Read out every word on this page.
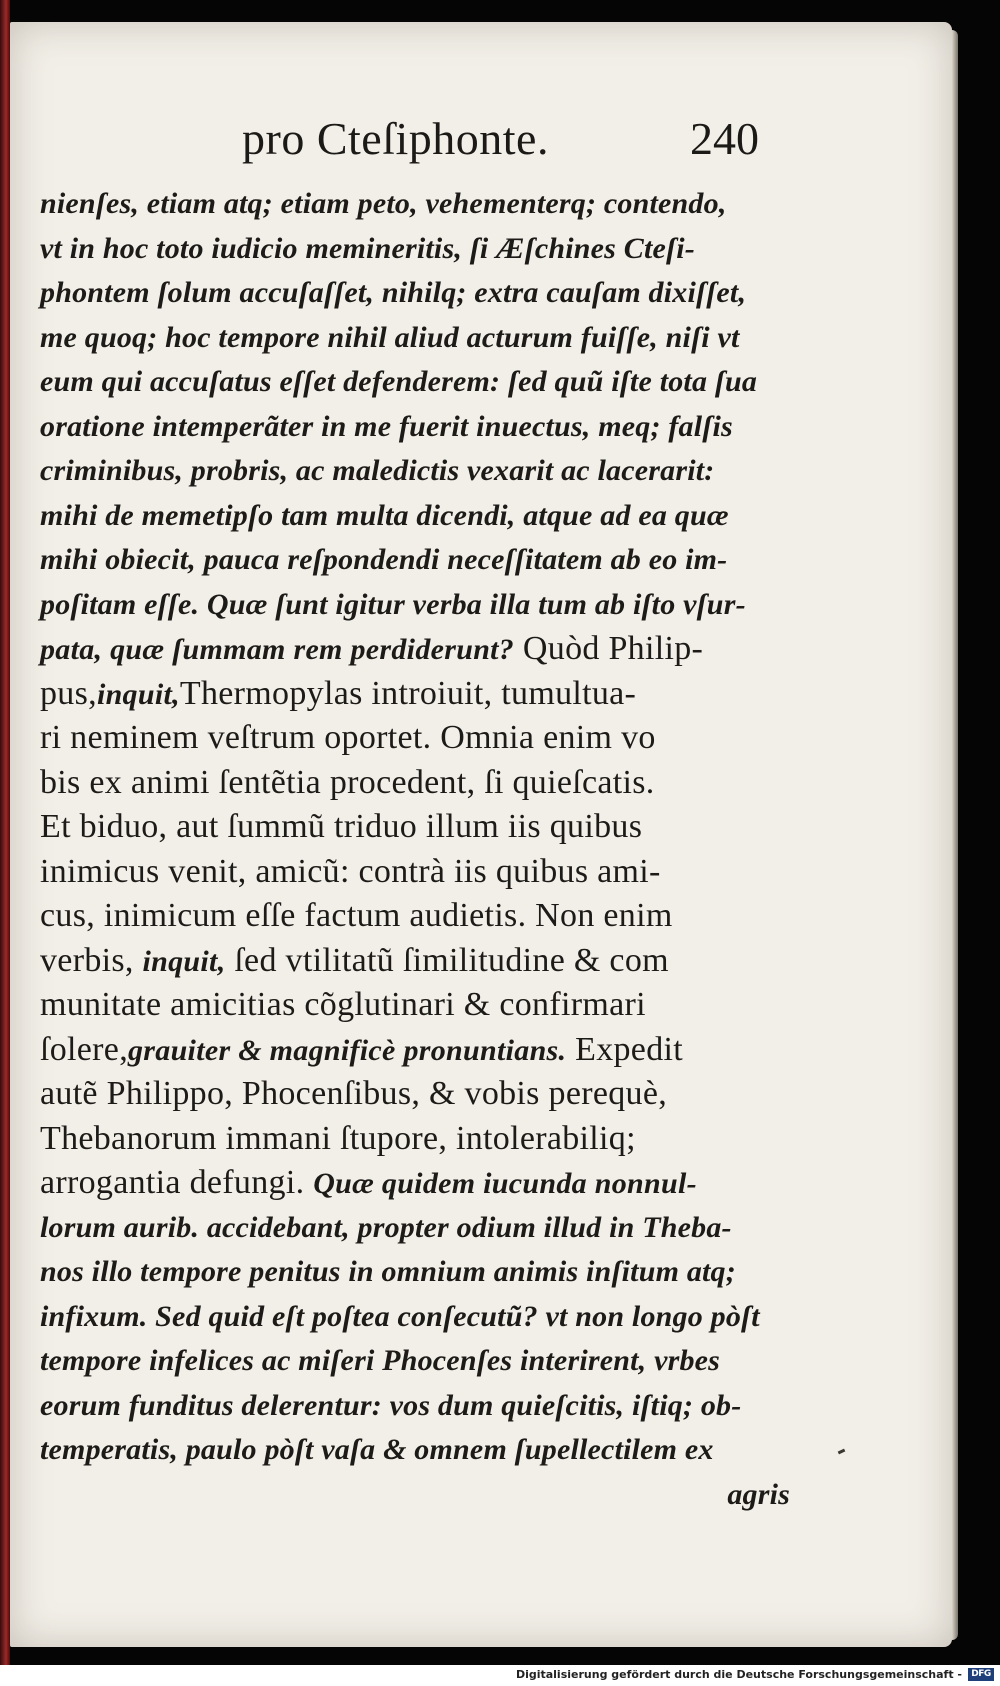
pro Cteſiphonte.	240
nienſes, etiam atq; etiam peto, vehementerq; contendo,
vt in hoc toto iudicio memineritis, ſi Æſchines Cteſi-
phontem ſolum accuſaſſet, nihilq; extra cauſam dixiſſet,
me quoq; hoc tempore nihil aliud acturum fuiſſe, niſi vt
eum qui accuſatus eſſet defenderem: ſed quũ iſte tota ſua
oratione intemperãter in me fuerit inuectus, meq; falſis
criminibus, probris, ac maledictis vexarit ac lacerarit:
mihi de memetipſo tam multa dicendi, atque ad ea quæ
mihi obiecit, pauca reſpondendi neceſſitatem ab eo im-
poſitam eſſe. Quæ ſunt igitur verba illa tum ab iſto vſur-
pata, quæ ſummam rem perdiderunt? Quòd Philip-
pus,inquit,Thermopylas introiuit, tumultua-
ri neminem veſtrum oportet. Omnia enim vo
bis ex animi ſentẽtia procedent, ſi quieſcatis.
Et biduo, aut ſummũ triduo illum iis quibus
inimicus venit, amicũ: contrà iis quibus ami-
cus, inimicum eſſe factum audietis. Non enim
verbis, inquit, ſed vtilitatũ ſimilitudine & com
munitate amicitias cõglutinari & confirmari
ſolere,grauiter & magnificè pronuntians. Expedit
autẽ Philippo, Phocenſibus, & vobis perequè,
Thebanorum immani ſtupore, intolerabiliq;
arrogantia defungi. Quæ quidem iucunda nonnul-
lorum aurib. accidebant, propter odium illud in Theba-
nos illo tempore penitus in omnium animis inſitum atq;
infixum. Sed quid eſt poſtea conſecutũ? vt non longo pòſt
tempore infelices ac miſeri Phocenſes interirent, vrbes
eorum funditus delerentur: vos dum quieſcitis, iſtiq; ob-
temperatis, paulo pòſt vaſa & omnem ſupellectilem ex
agris
Digitalisierung gefördert durch die Deutsche Forschungsgemeinschaft -	DFG
